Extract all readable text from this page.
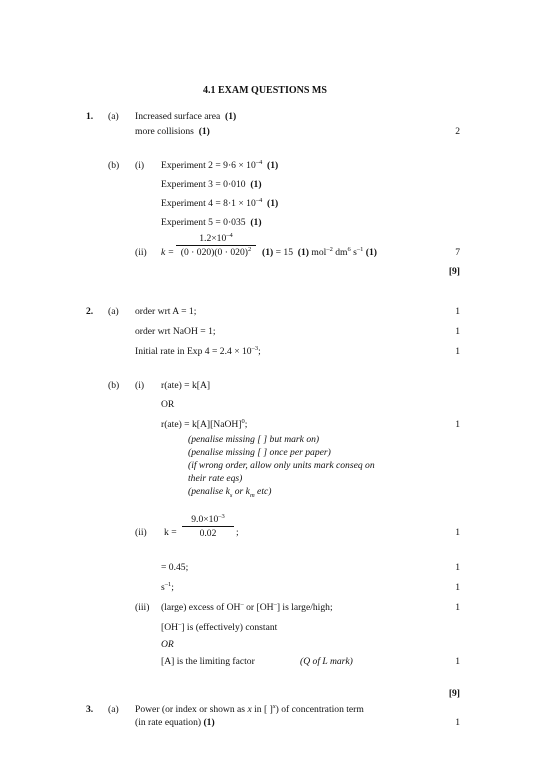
4.1 EXAM QUESTIONS MS
1. (a) Increased surface area (1)
more collisions (1)	2
(b) (i) Experiment $2 = 9\cdot 6 \times 10^{-4}$ (1)
Experiment 3 = 0·010 (1)
Experiment $4 = 8\cdot 1 \times 10^{-4}$ (1)
Experiment 5 = 0·035 (1)
(ii) k =
$1.2\times 10^{-4}$
$(0 \cdot 020)(0 \cdot 020)^2$	(1) = 15 (1) mol$^{-2}$ $dm^6$ $s^{-1}$ (1)	7
[9]
2. (a) order wrt A = 1;	1
order wrt NaOH = 1;	1
Initial rate in Exp $4 = 2.4 \times 10^{-3}$;	1
(b) (i) r(ate) = k[A]
OR
r(ate) = k[A][NaOH]$^0$;	1
(penalise missing [ ] but mark on)
(penalise missing [ ] once per paper)
(if wrong order, allow only units mark conseq on
their rate eqs)
(penalise $k_s$ or $k_m$ etc)
(ii) k =
$9.0\times 10^{-3}$
0.02	;	1
= 0.45;	1
$s^{-1}$;	1
(iii) (large) excess of OH– or [OH–] is large/high;	1
[OH–] is (effectively) constant
OR
[A] is the limiting factor	(Q of L mark)	1
[9]
3. (a) Power (or index or shown as x in [ ]$^x$) of concentration term
(in rate equation) (1)	1
